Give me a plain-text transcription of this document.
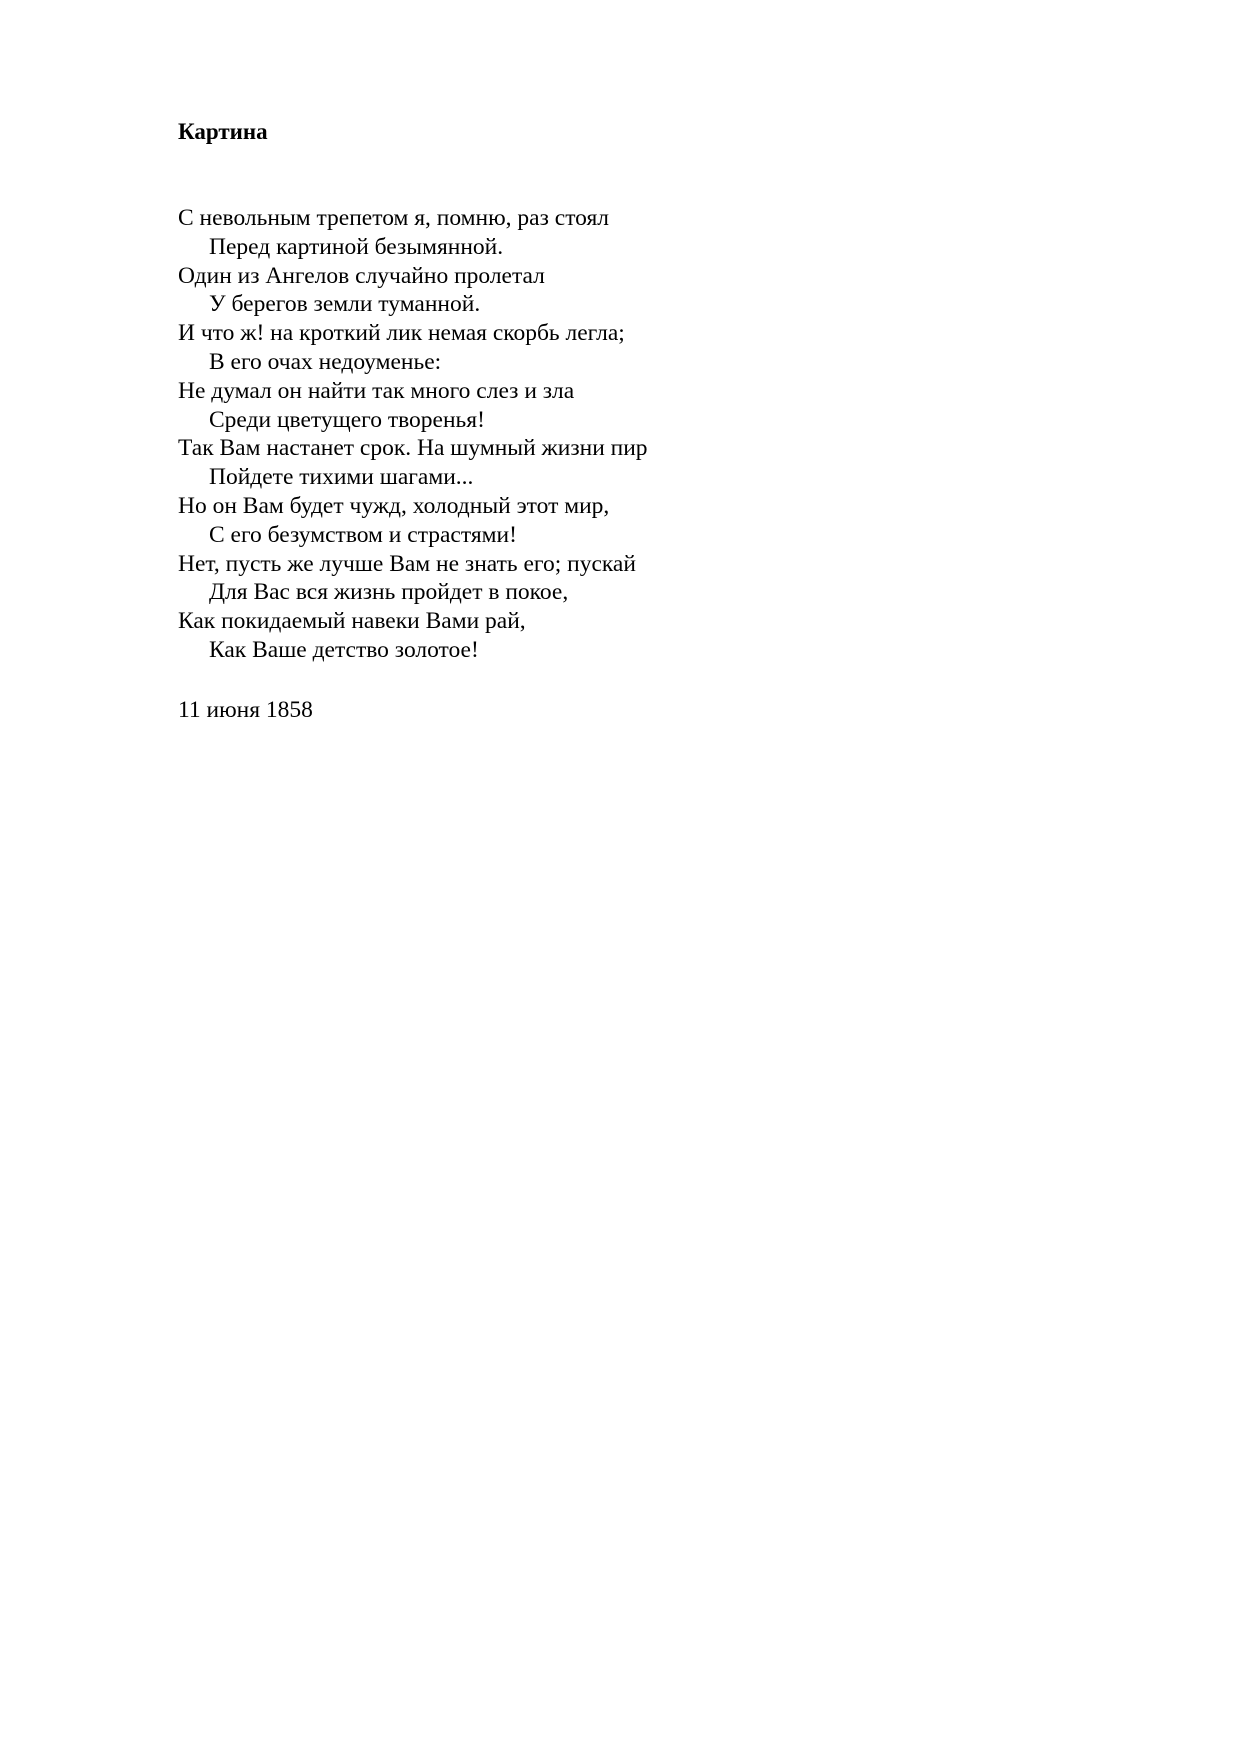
Картина
С невольным трепетом я, помню, раз стоял
Перед картиной безымянной.
Один из Ангелов случайно пролетал
У берегов земли туманной.
И что ж! на кроткий лик немая скорбь легла;
В его очах недоуменье:
Не думал он найти так много слез и зла
Среди цветущего творенья!
Так Вам настанет срок. На шумный жизни пир
Пойдете тихими шагами...
Но он Вам будет чужд, холодный этот мир,
С его безумством и страстями!
Нет, пусть же лучше Вам не знать его; пускай
Для Вас вся жизнь пройдет в покое,
Как покидаемый навеки Вами рай,
Как Ваше детство золотое!
11 июня 1858
